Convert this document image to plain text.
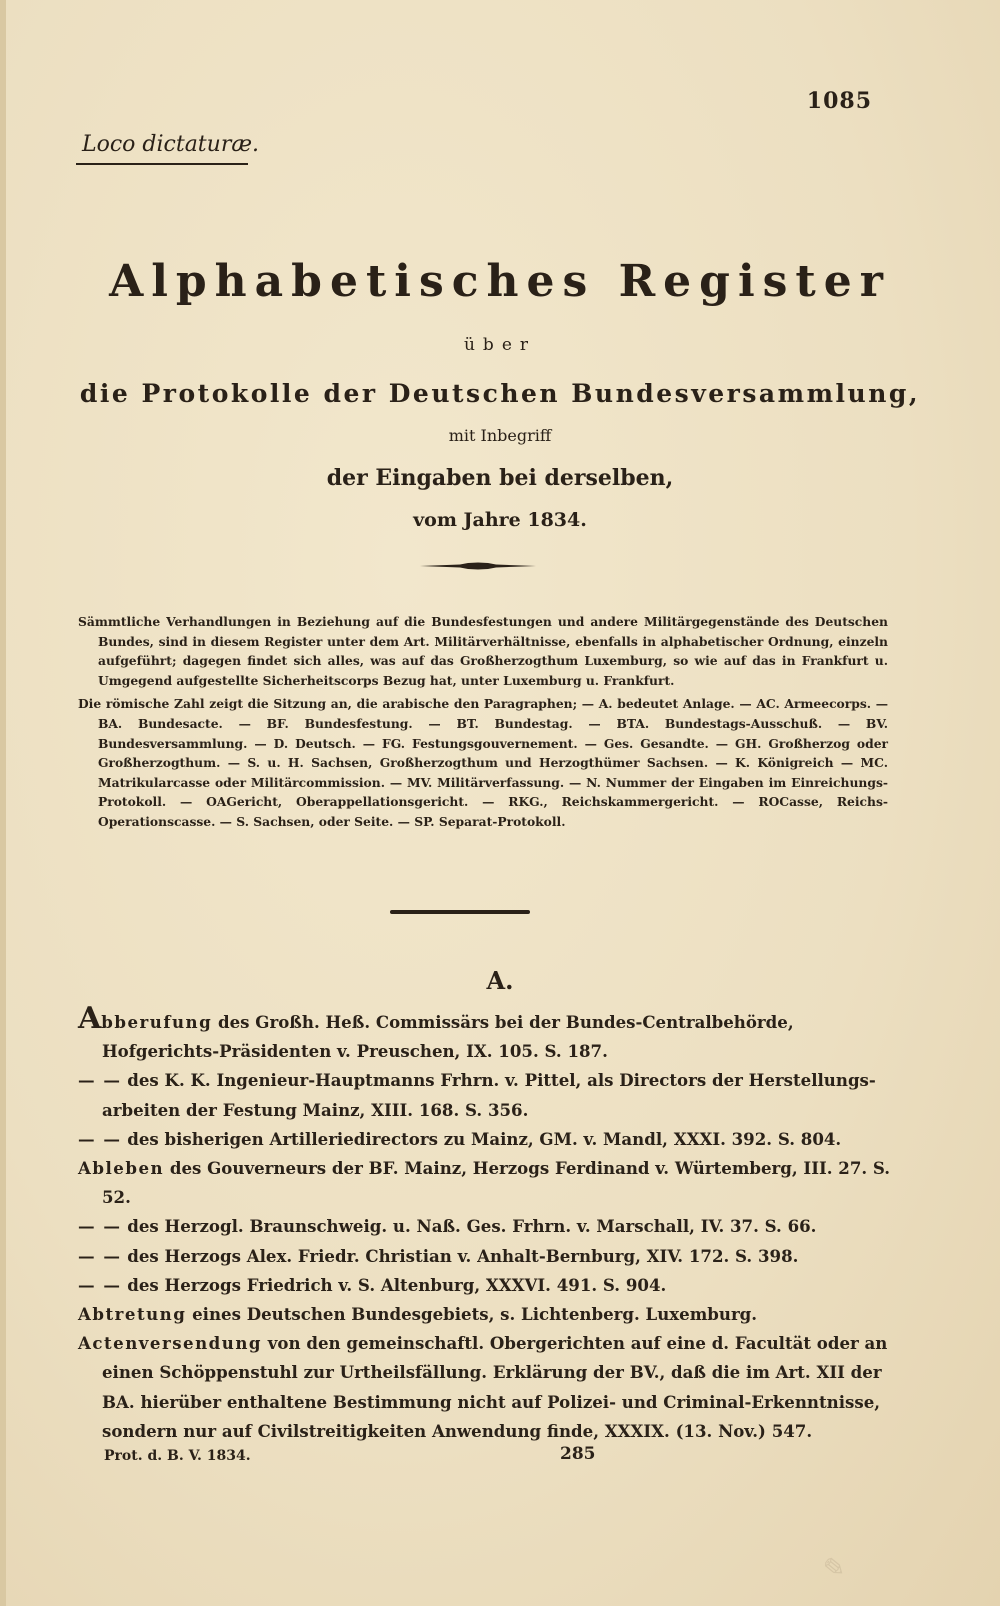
1085
Loco dictaturæ.
Alphabetisches Register
über
die Protokolle der Deutschen Bundesversammlung,
mit Inbegriff
der Eingaben bei derselben,
vom Jahre 1834.

Sämmtliche Verhandlungen in Beziehung auf die Bundesfestungen und andere Militärgegenstände des Deutschen Bundes, sind in diesem Register unter dem Art. Militärverhältnisse, ebenfalls in alphabetischer Ordnung, einzeln aufgeführt; dagegen findet sich alles, was auf das Großherzogthum Luxemburg, so wie auf das in Frankfurt u. Umgegend aufgestellte Sicherheitscorps Bezug hat, unter Luxemburg u. Frankfurt.

Die römische Zahl zeigt die Sitzung an, die arabische den Paragraphen; — A. bedeutet Anlage. — AC. Armeecorps. — BA. Bundesacte. — BF. Bundesfestung. — BT. Bundestag. — BTA. Bundestags-Ausschuß. — BV. Bundesversammlung. — D. Deutsch. — FG. Festungsgouvernement. — Ges. Gesandte. — GH. Großherzog oder Großherzogthum. — S. u. H. Sachsen, Großherzogthum und Herzogthümer Sachsen. — K. Königreich — MC. Matrikularcasse oder Militärcommission. — MV. Militärverfassung. — N. Nummer der Eingaben im Einreichungs-Protokoll. — OAGericht, Oberappellationsgericht. — RKG., Reichskammergericht. — ROCasse, Reichs-Operationscasse. — S. Sachsen, oder Seite. — SP. Separat-Protokoll.

A.

Abberufung des Großh. Heß. Commissärs bei der Bundes-Centralbehörde, Hofgerichts-Präsidenten v. Preuschen, IX. 105. S. 187.

— — des K. K. Ingenieur-Hauptmanns Frhrn. v. Pittel, als Directors der Herstellungs-arbeiten der Festung Mainz, XIII. 168. S. 356.

— — des bisherigen Artilleriedirectors zu Mainz, GM. v. Mandl, XXXI. 392. S. 804.

Ableben des Gouverneurs der BF. Mainz, Herzogs Ferdinand v. Würtemberg, III. 27. S. 52.

— — des Herzogl. Braunschweig. u. Naß. Ges. Frhrn. v. Marschall, IV. 37. S. 66.

— — des Herzogs Alex. Friedr. Christian v. Anhalt-Bernburg, XIV. 172. S. 398.

— — des Herzogs Friedrich v. S. Altenburg, XXXVI. 491. S. 904.

Abtretung eines Deutschen Bundesgebiets, s. Lichtenberg. Luxemburg.

Actenversendung von den gemeinschaftl. Obergerichten auf eine d. Facultät oder an einen Schöppenstuhl zur Urtheilsfällung. Erklärung der BV., daß die im Art. XII der BA. hierüber enthaltene Bestimmung nicht auf Polizei- und Criminal-Erkenntnisse, sondern nur auf Civilstreitigkeiten Anwendung finde, XXXIX. (13. Nov.) 547.

Prot. d. B. V. 1834.	285
✎
